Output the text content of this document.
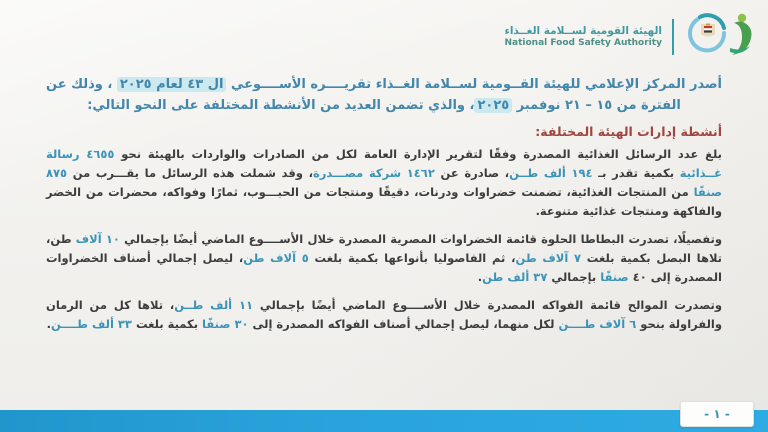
الهيئة القومية لســلامة الغــذاء
National Food Safety Authority

أصدر المركز الإعلامي للهيئة القــومية لســلامة الغــذاء تقريــــره الأســــوعي ال ٤٣ لعام ٢٠٢٥ ، وذلك عن الفترة من ١٥ – ٢١ نوفمبر ٢٠٢٥، والذي تضمن العديد من الأنشطة المختلفة على النحو التالي:

أنشطة إدارات الهيئة المختلفة:

بلغ عدد الرسائل الغذائية المصدرة وفقًا لتقرير الإدارة العامة لكل من الصادرات والواردات بالهيئة نحو ٤٦٥٥ رسالة غــذائية بكمية تقدر بـ ١٩٤ ألف طــن، صادرة عن ١٤٦٢ شركة مصـــدرة، وقد شملت هذه الرسائل ما يقـــرب من ٨٧٥ صنفًا من المنتجات الغذائية، تضمنت خضراوات ودرنات، دقيقًا ومنتجات من الحبـــوب، ثمارًا وفواكه، محضرات من الخضر والفاكهة ومنتجات غذائية متنوعة.

وتفصيلًا، تصدرت البطاطا الحلوة قائمة الخضراوات المصرية المصدرة خلال الأســــوع الماضي أيضًا بإجمالي ١٠ آلاف طن، تلاها البصل بكمية بلغت ٧ آلاف طن، ثم الفاصوليا بأنواعها بكمية بلغت ٥ آلاف طن، ليصل إجمالي أصناف الخضراوات المصدرة إلى ٤٠ صنفًا بإجمالي ٣٧ ألف طن.

وتصدرت الموالح قائمة الفواكه المصدرة خلال الأســــوع الماضي أيضًا بإجمالي ١١ ألف طــن، تلاها كل من الرمان والفراولة بنحو ٦ آلاف طــــن لكل منهما، ليصل إجمالي أصناف الفواكه المصدرة إلى ٣٠ صنفًا بكمية بلغت ٣٣ ألف طــــن.

- ١ -
